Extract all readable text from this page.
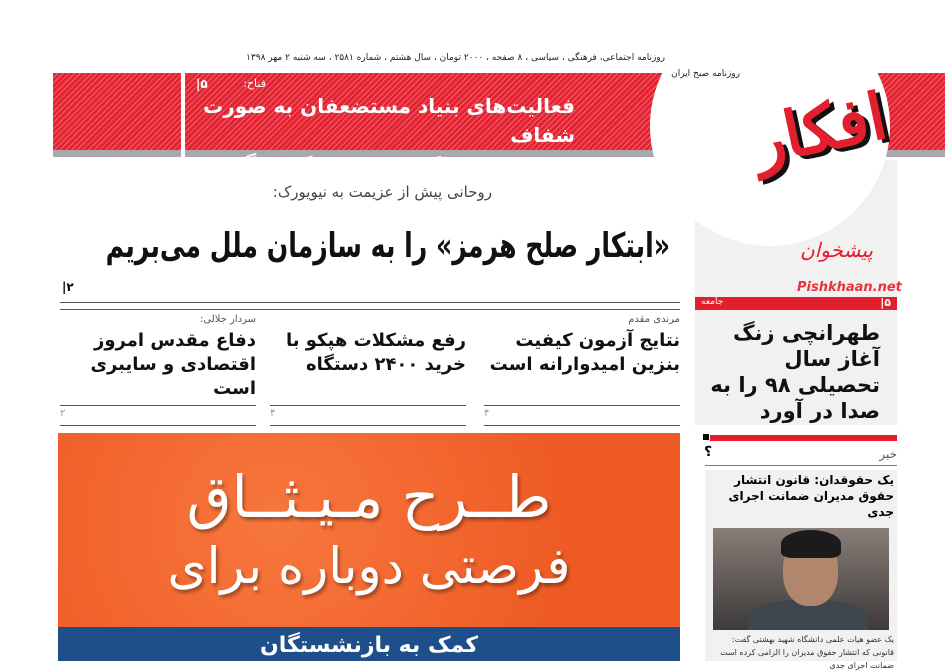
روزنامه اجتماعی، فرهنگی ، سیاسی ، ۸ صفحه ، ۲۰۰۰ تومان ، سال هشتم ، شماره ۲۵۸۱ ، سه شنبه ۲ مهر ۱۳۹۸
فناح:
۵|
فعالیت‌های بنیاد مستضعفان به صورت شفاف
در معرض قضاوت مردم قرار می‌گیرد	افکار
روزنامه صبح ایران
پیشخوان
Pishkhaan.net
روحانی پیش از عزیمت به نیویورک:
«ابتکار صلح هرمز» را به سازمان ملل می‌بریم
۲|
مرندی مقدم
نتایج آزمون کیفیت بنزین امیدوارانه است
رفع مشکلات هپکو با خرید ۲۴۰۰ دستگاه
سردار جلالی:
دفاع مقدس امروز اقتصادی و سایبری است
۴
۴
۲
۵|
جامعه
طهرانچی زنگ آغاز سال تحصیلی ۹۸ را به صدا در آورد
؟	خبر
یک حقوقدان: قانون انتشار حقوق مدیران ضمانت اجرای جدی
یک عضو هیات علمی دانشگاه شهید بهشتی گفت: قانونی که انتشار حقوق مدیران را الزامی کرده است ضمانت اجرای جدی
طــرح مـیـثــاق
فرصتی دوباره برای
کمک به بازنشستگان
